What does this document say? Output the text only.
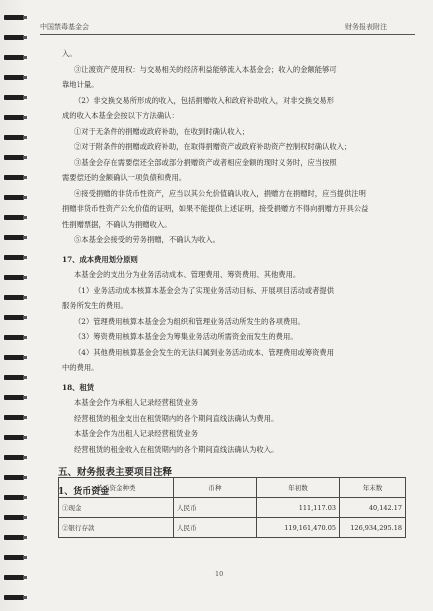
中国禁毒基金会	财务报表附注

入。

③让渡资产使用权：与交易相关的经济利益能够流入本基金会；收入的金额能够可

靠地计量。

（2）非交换交易所形成的收入，包括捐赠收入和政府补助收入，对非交换交易形

成的收入本基金会按以下方法确认：

①对于无条件的捐赠或政府补助，在收到时确认收入；

②对于附条件的捐赠或政府补助，在取得捐赠资产或政府补助资产控制权时确认收入；

③基金会存在需要偿还全部或部分捐赠资产或者相应金额的现时义务时，应当按照

需要偿还的金额确认一项负债和费用。

④接受捐赠的非货币性资产，应当以其公允价值确认收入，捐赠方在捐赠时，应当提供注明

捐赠非货币性资产公允价值的证明，如果不能提供上述证明，接受捐赠方不得向捐赠方开具公益

性捐赠票据，不确认为捐赠收入。

⑤本基金会接受的劳务捐赠，不确认为收入。

17、成本费用划分原则

本基金会的支出分为业务活动成本、管理费用、筹资费用、其他费用。

（1）业务活动成本核算本基金会为了实现业务活动目标、开展项目活动或者提供

服务所发生的费用。

（2）管理费用核算本基金会为组织和管理业务活动所发生的各项费用。

（3）筹资费用核算本基金会为筹集业务活动所需资金而发生的费用。

（4）其他费用核算基金会发生的无法归属到业务活动成本、管理费用或筹资费用

中的费用。

18、租赁

本基金会作为承租人记录经营租赁业务

经营租赁的租金支出在租赁期内的各个期间直线法确认为费用。

本基金会作为出租人记录经营租赁业务

经营租赁的租金收入在租赁期内的各个期间直线法确认为收入。

五、财务报表主要项目注释

1、货币资金

货币资金种类	币种	年初数	年末数
①现金	人民币	111,117.03	40,142.17
②银行存款	人民币	119,161,470.05	126,934,295.18
10
